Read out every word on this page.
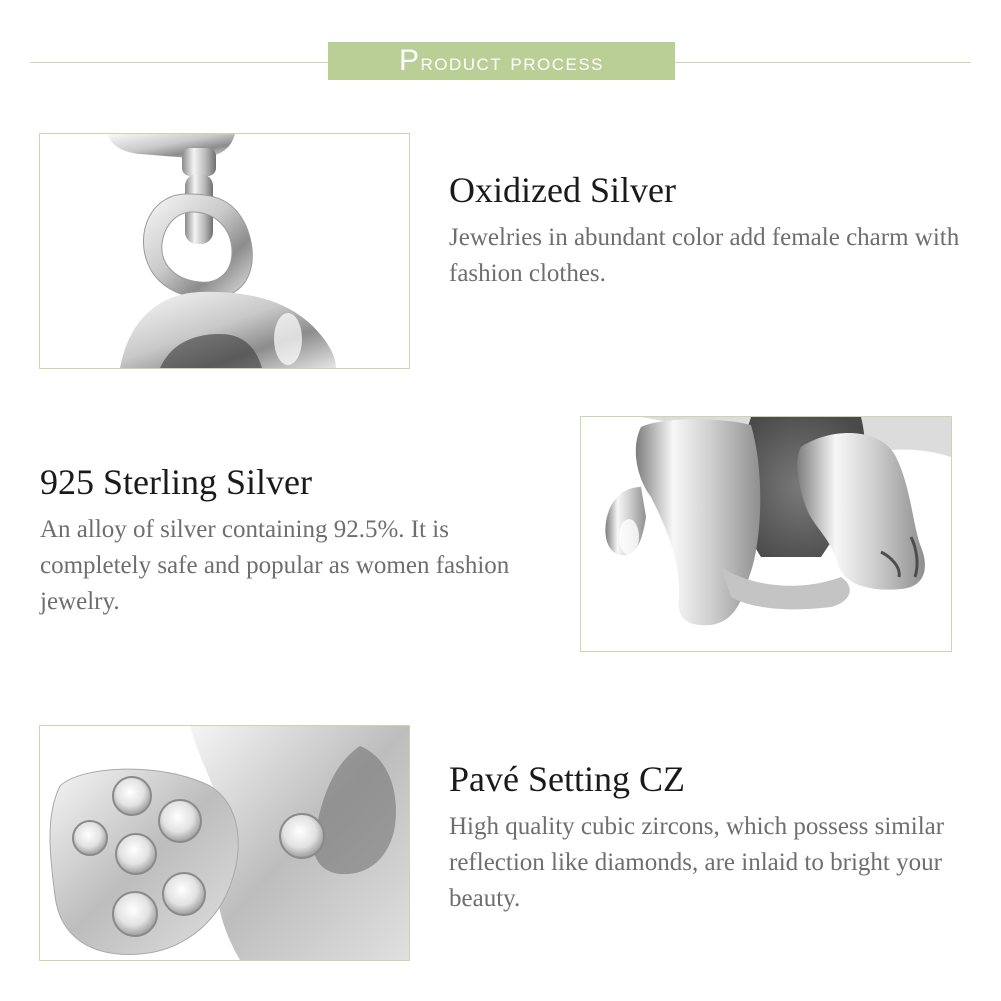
Product process
Oxidized Silver

Jewelries in abundant color add female charm with fashion clothes.

925 Sterling Silver

An alloy of silver containing 92.5%. It is completely safe and popular as women fashion jewelry.

Pavé Setting CZ

High quality cubic zircons, which possess similar reflection like diamonds, are inlaid to bright your beauty.
